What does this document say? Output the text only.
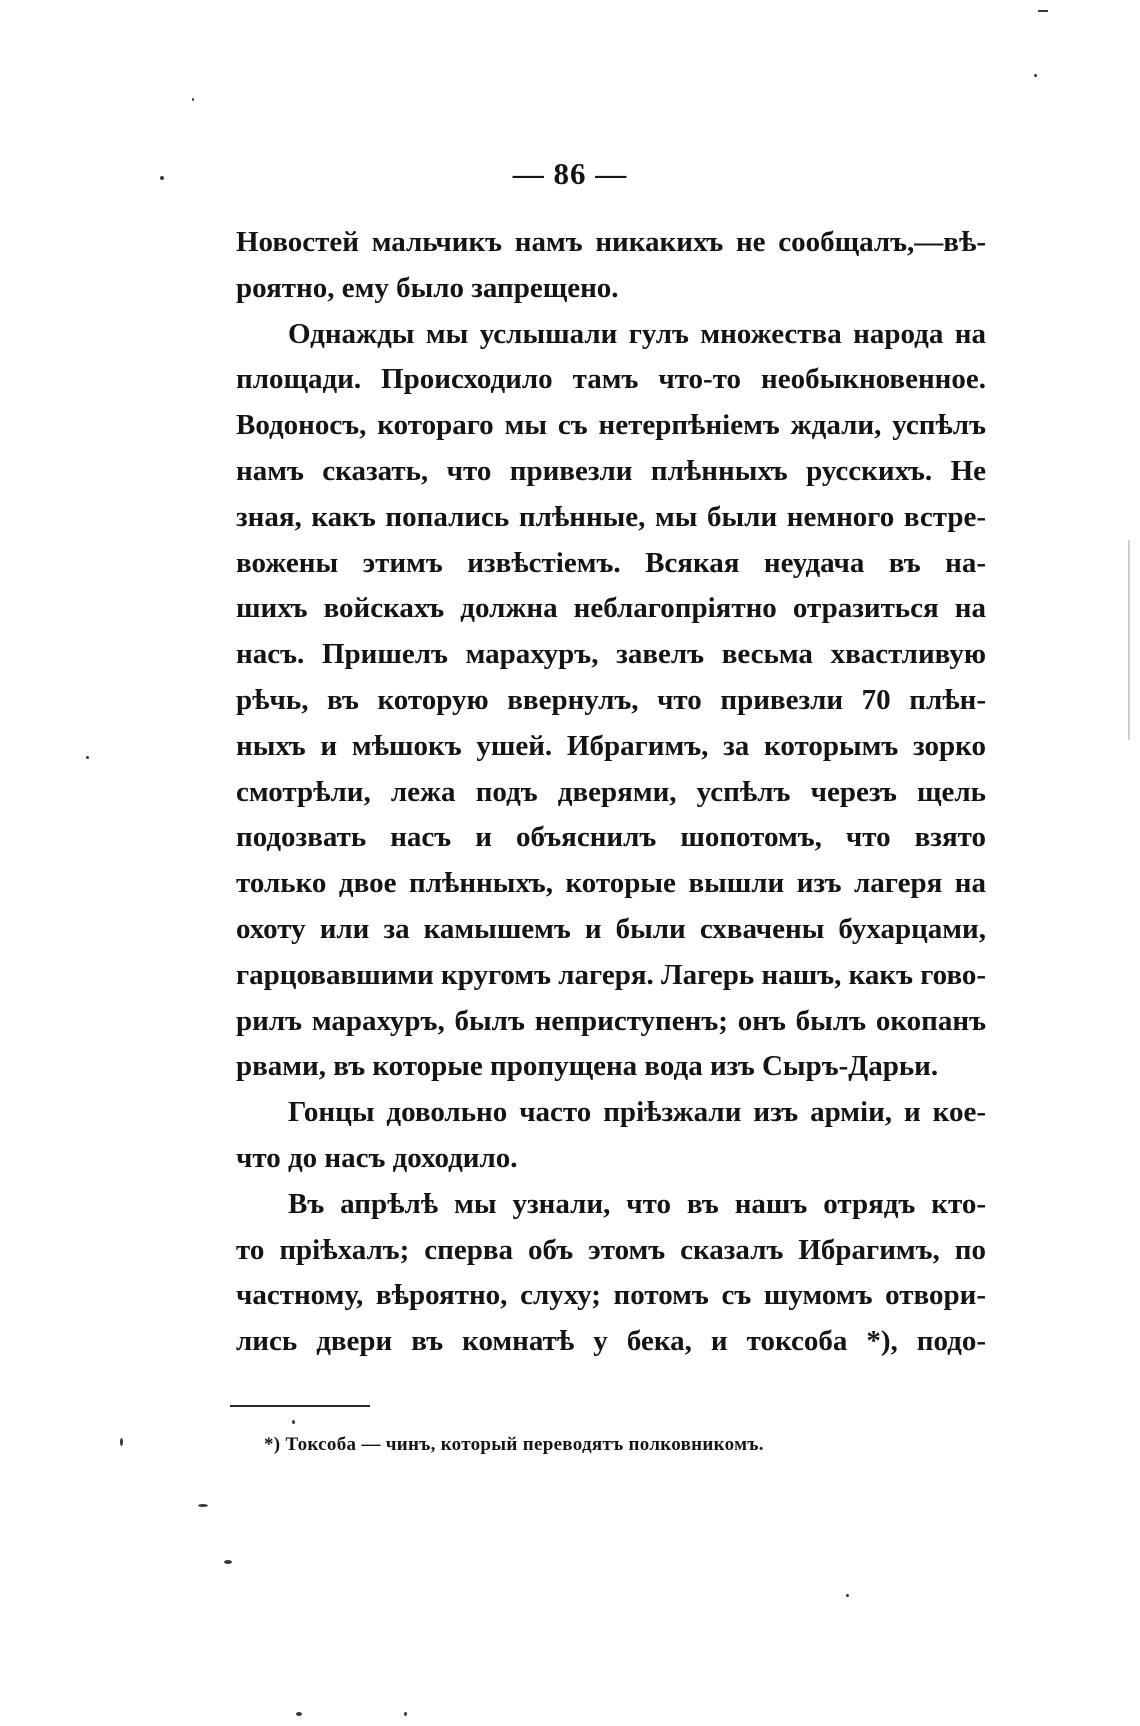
— 86 —
Новостей мальчикъ намъ никакихъ не сообщалъ,—вѣ-
роятно, ему было запрещено.
Однажды мы услышали гулъ множества народа на
площади. Происходило тамъ что-то необыкновенное.
Водоносъ, котораго мы съ нетерпѣніемъ ждали, успѣлъ
намъ сказать, что привезли плѣнныхъ русскихъ. Не
зная, какъ попались плѣнные, мы были немного встре-
вожены этимъ извѣстіемъ. Всякая неудача въ на-
шихъ войскахъ должна неблагопріятно отразиться на
насъ. Пришелъ марахуръ, завелъ весьма хвастливую
рѣчь, въ которую ввернулъ, что привезли 70 плѣн-
ныхъ и мѣшокъ ушей. Ибрагимъ, за которымъ зорко
смотрѣли, лежа подъ дверями, успѣлъ черезъ щель
подозвать насъ и объяснилъ шопотомъ, что взято
только двое плѣнныхъ, которые вышли изъ лагеря на
охоту или за камышемъ и были схвачены бухарцами,
гарцовавшими кругомъ лагеря. Лагерь нашъ, какъ гово-
рилъ марахуръ, былъ неприступенъ; онъ былъ окопанъ
рвами, въ которые пропущена вода изъ Сыръ-Дарьи.
Гонцы довольно часто пріѣзжали изъ арміи, и кое-
что до насъ доходило.
Въ апрѣлѣ мы узнали, что въ нашъ отрядъ кто-
то пріѣхалъ; сперва объ этомъ сказалъ Ибрагимъ, по
частному, вѣроятно, слуху; потомъ съ шумомъ отвори-
лись двери въ комнатѣ у бека, и токсоба *), подо-
*) Токсоба — чинъ, который переводятъ полковникомъ.
